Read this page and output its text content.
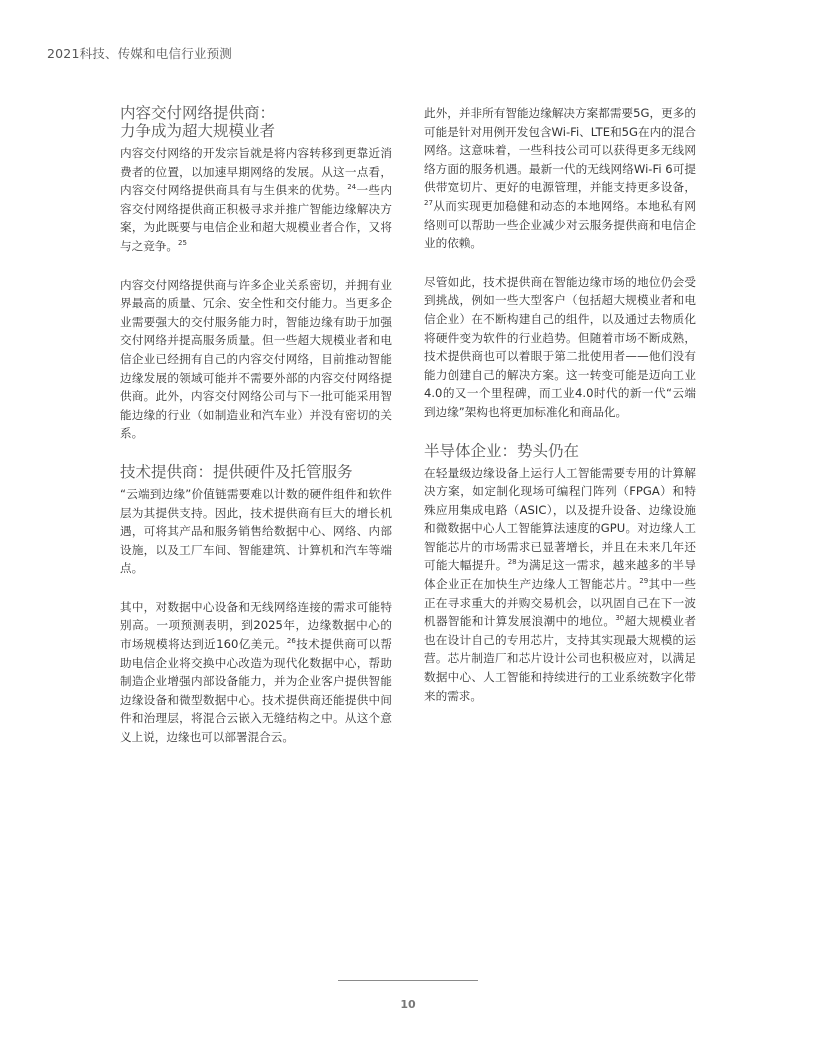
2021科技、传媒和电信行业预测
内容交付网络提供商：
力争成为超大规模业者

内容交付网络的开发宗旨就是将内容转移到更靠近消费者的位置，以加速早期网络的发展。从这一点看，内容交付网络提供商具有与生俱来的优势。$^{24}$一些内容交付网络提供商正积极寻求并推广智能边缘解决方案，为此既要与电信企业和超大规模业者合作，又将与之竞争。$^{25}$

内容交付网络提供商与许多企业关系密切，并拥有业界最高的质量、冗余、安全性和交付能力。当更多企业需要强大的交付服务能力时，智能边缘有助于加强交付网络并提高服务质量。但一些超大规模业者和电信企业已经拥有自己的内容交付网络，目前推动智能边缘发展的领域可能并不需要外部的内容交付网络提供商。此外，内容交付网络公司与下一批可能采用智能边缘的行业（如制造业和汽车业）并没有密切的关系。

技术提供商：提供硬件及托管服务

“云端到边缘”价值链需要难以计数的硬件组件和软件层为其提供支持。因此，技术提供商有巨大的增长机遇，可将其产品和服务销售给数据中心、网络、内部设施，以及工厂车间、智能建筑、计算机和汽车等端点。

其中，对数据中心设备和无线网络连接的需求可能特别高。一项预测表明，到2025年，边缘数据中心的市场规模将达到近160亿美元。$^{26}$技术提供商可以帮助电信企业将交换中心改造为现代化数据中心，帮助制造企业增强内部设备能力，并为企业客户提供智能边缘设备和微型数据中心。技术提供商还能提供中间件和治理层，将混合云嵌入无缝结构之中。从这个意义上说，边缘也可以部署混合云。

此外，并非所有智能边缘解决方案都需要5G，更多的可能是针对用例开发包含Wi-Fi、LTE和5G在内的混合网络。这意味着，一些科技公司可以获得更多无线网络方面的服务机遇。最新一代的无线网络Wi-Fi 6可提供带宽切片、更好的电源管理，并能支持更多设备，$^{27}$从而实现更加稳健和动态的本地网络。本地私有网络则可以帮助一些企业减少对云服务提供商和电信企业的依赖。

尽管如此，技术提供商在智能边缘市场的地位仍会受到挑战，例如一些大型客户（包括超大规模业者和电信企业）在不断构建自己的组件，以及通过去物质化将硬件变为软件的行业趋势。但随着市场不断成熟，技术提供商也可以着眼于第二批使用者——他们没有能力创建自己的解决方案。这一转变可能是迈向工业4.0的又一个里程碑，而工业4.0时代的新一代“云端到边缘”架构也将更加标准化和商品化。

半导体企业：势头仍在

在轻量级边缘设备上运行人工智能需要专用的计算解决方案，如定制化现场可编程门阵列（FPGA）和特殊应用集成电路（ASIC），以及提升设备、边缘设施和微数据中心人工智能算法速度的GPU。对边缘人工智能芯片的市场需求已显著增长，并且在未来几年还可能大幅提升。$^{28}$为满足这一需求，越来越多的半导体企业正在加快生产边缘人工智能芯片。$^{29}$其中一些正在寻求重大的并购交易机会，以巩固自己在下一波机器智能和计算发展浪潮中的地位。$^{30}$超大规模业者也在设计自己的专用芯片，支持其实现最大规模的运营。芯片制造厂和芯片设计公司也积极应对，以满足数据中心、人工智能和持续进行的工业系统数字化带来的需求。

10
